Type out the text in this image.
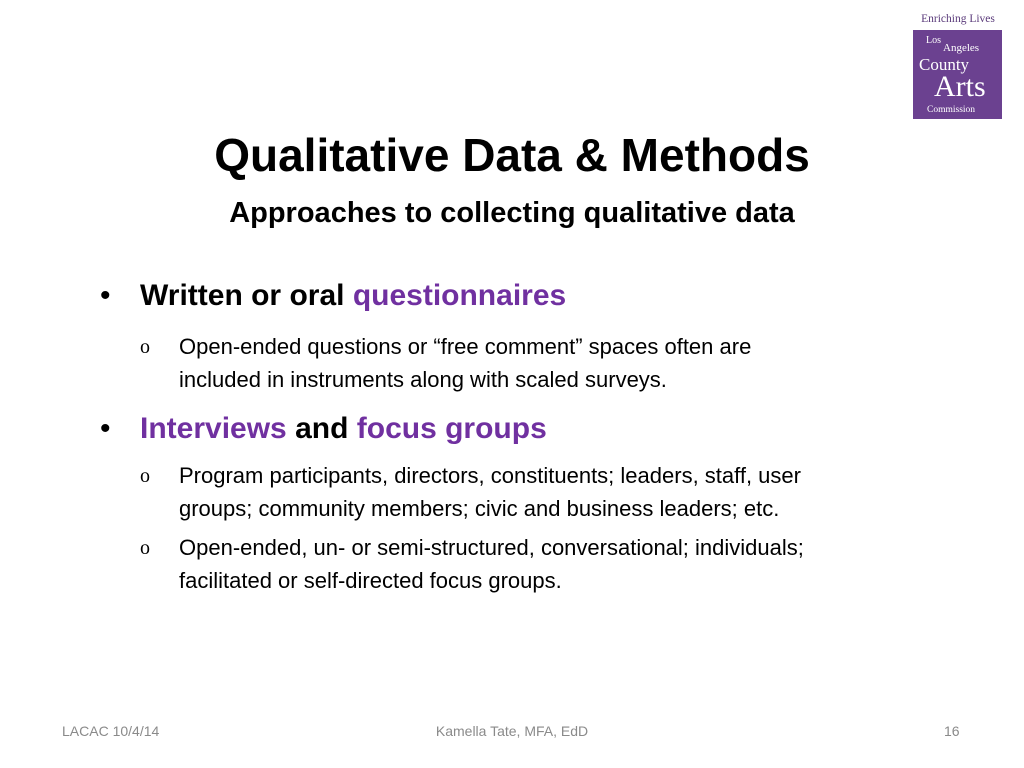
Enriching Lives
Los
Angeles
County
Arts
Commission
Qualitative Data & Methods
Approaches to collecting qualitative data
• Written or oral questionnaires
o Open-ended questions or “free comment” spaces often are
included in instruments along with scaled surveys.
• Interviews and focus groups
o Program participants, directors, constituents; leaders, staff, user
groups; community members; civic and business leaders; etc.
o Open-ended, un- or semi-structured, conversational; individuals;
facilitated or self-directed focus groups.
LACAC 10/4/14	Kamella Tate, MFA, EdD	16
